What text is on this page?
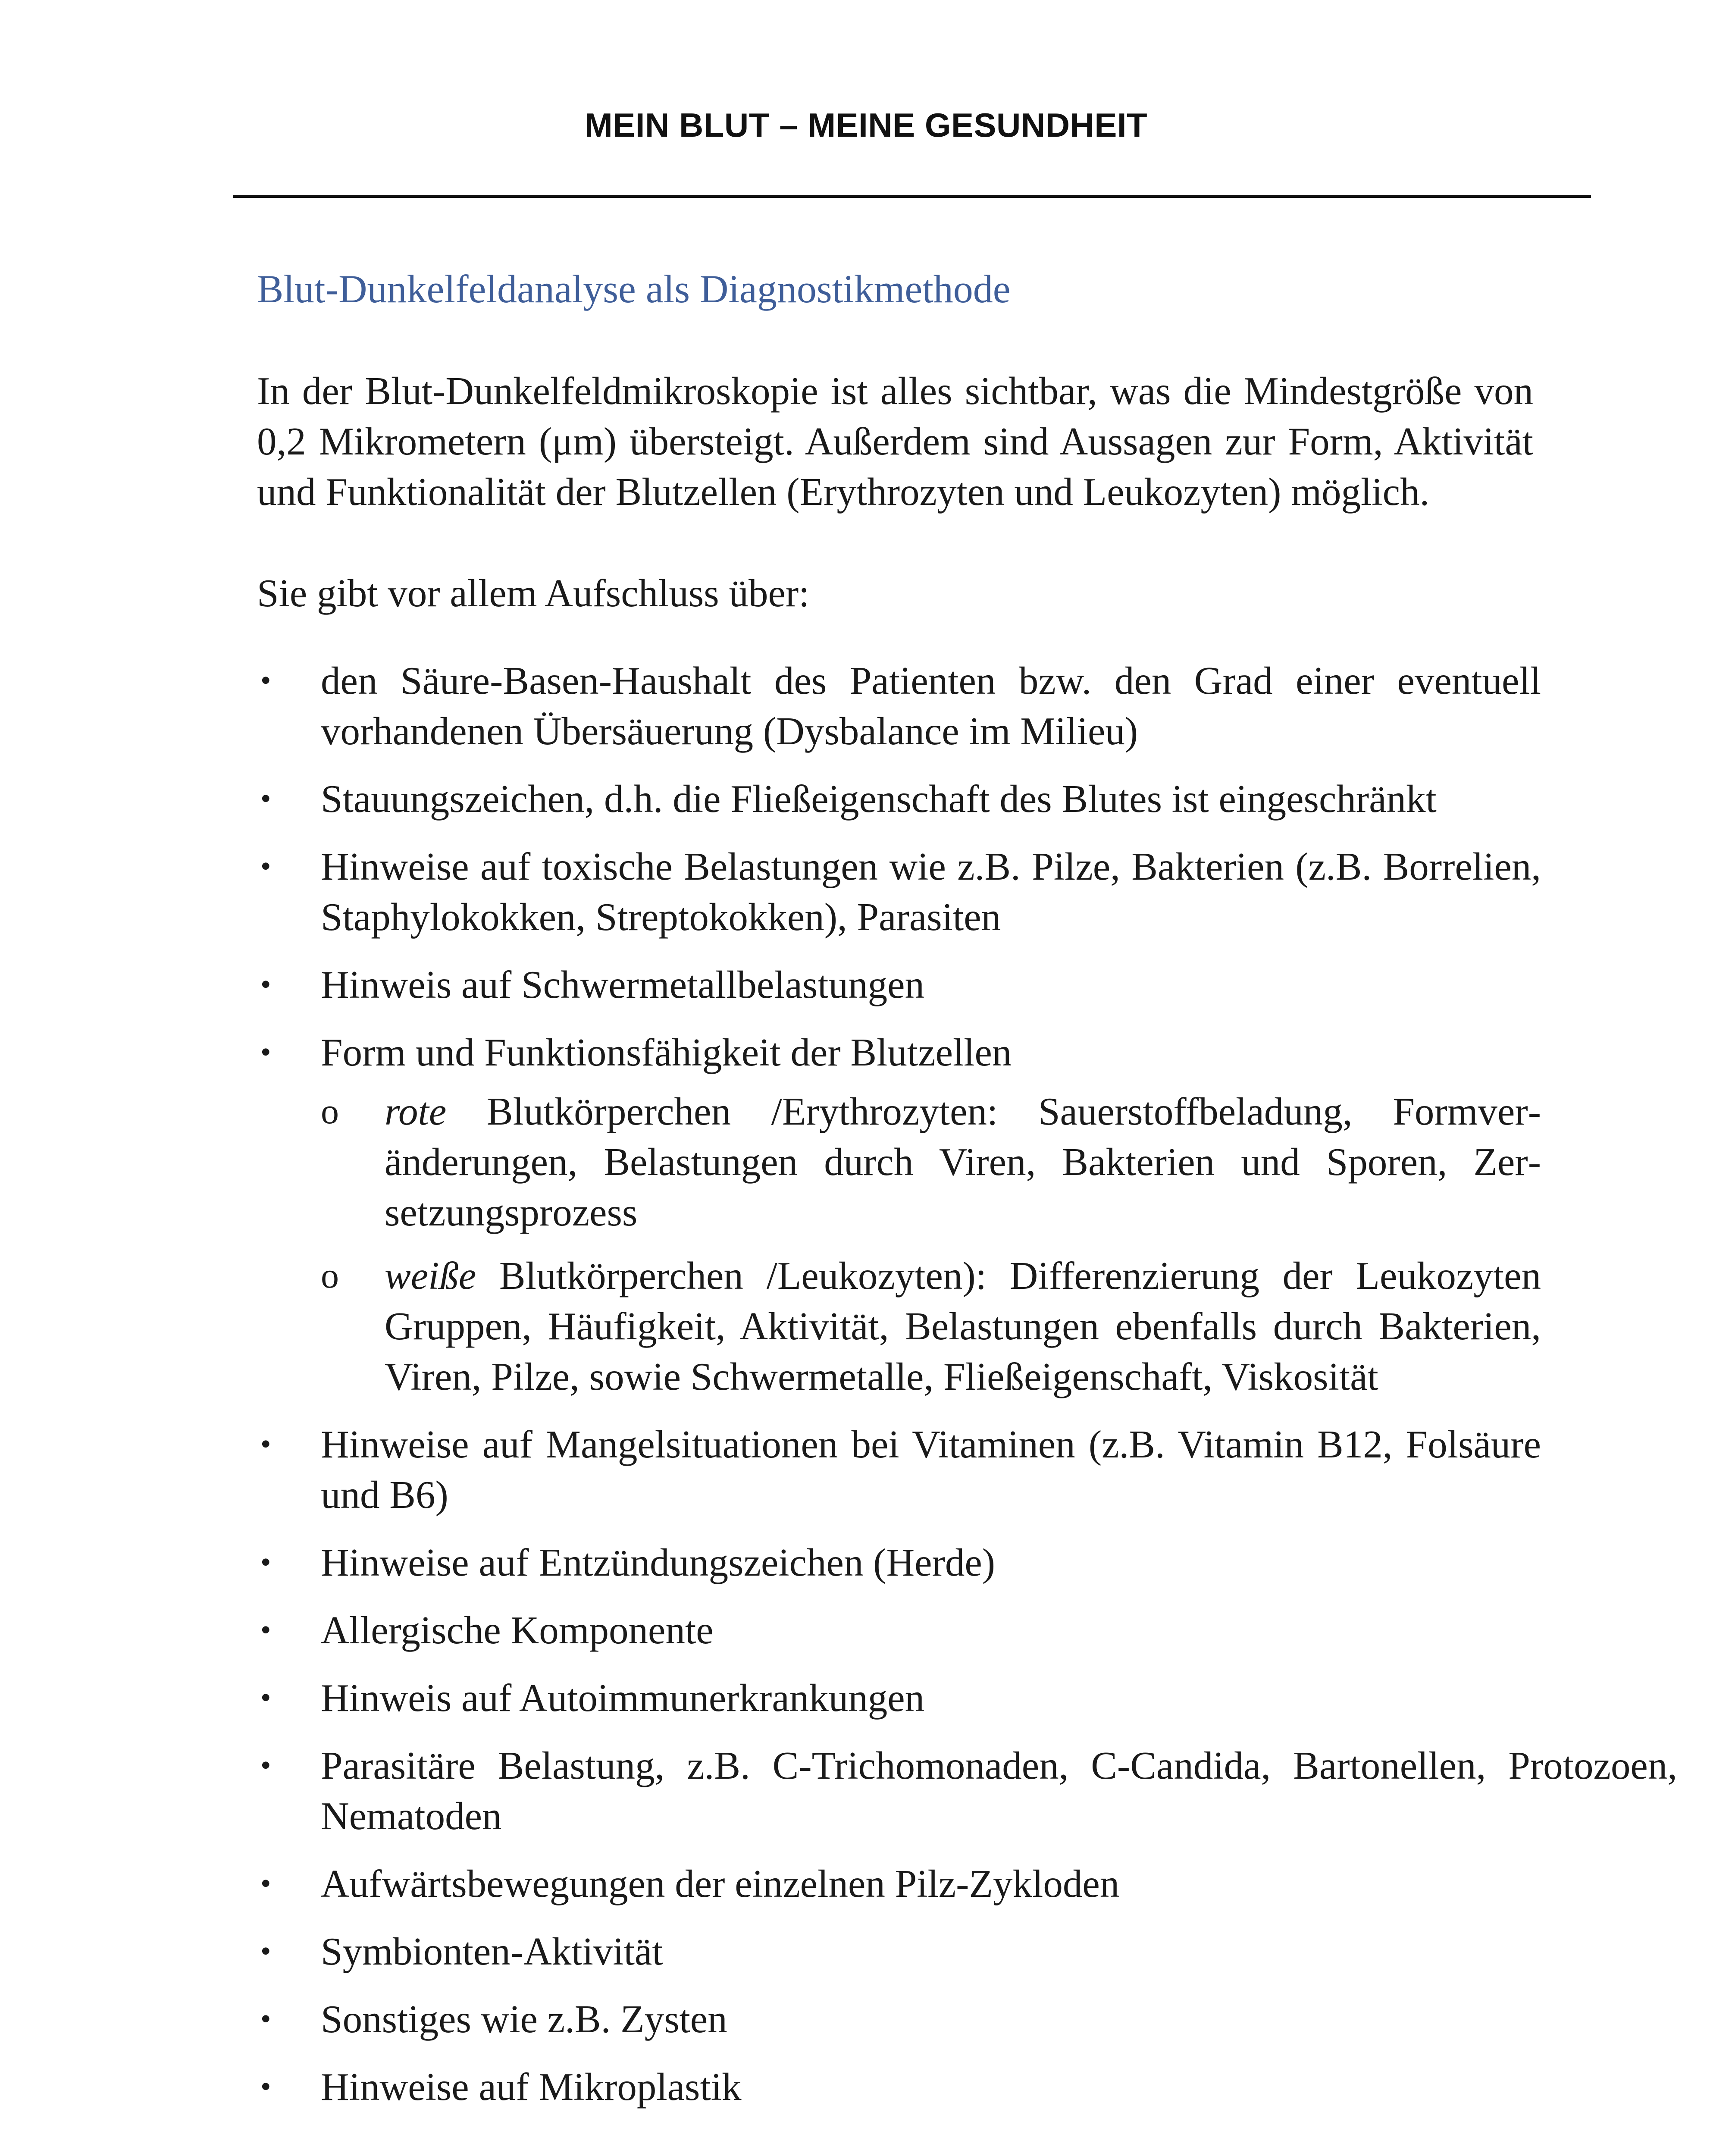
MEIN BLUT – MEINE GESUNDHEIT
Blut-Dunkelfeldanalyse als Diagnostikmethode

In der Blut-Dunkelfeldmikroskopie ist alles sichtbar, was die Mindestgröße von 0,2 Mikrometern (μm) übersteigt. Außerdem sind Aussagen zur Form, Aktivität und Funktionalität der Blutzellen (Erythrozyten und Leukozyten) möglich.

Sie gibt vor allem Aufschluss über:

• den Säure-Basen-Haushalt des Patienten bzw. den Grad einer eventuell vorhandenen Übersäuerung (Dysbalance im Milieu)
• Stauungszeichen, d.h. die Fließeigenschaft des Blutes ist eingeschränkt
• Hinweise auf toxische Belastungen wie z.B. Pilze, Bakterien (z.B. Borrelien, Staphylokokken, Streptokokken), Parasiten
• Hinweis auf Schwermetallbelastungen
• Form und Funktionsfähigkeit der Blutzellen
o rote Blutkörperchen /Erythrozyten: Sauerstoffbeladung, Formveränderungen, Belastungen durch Viren, Bakterien und Sporen, Zersetzungsprozess
o weiße Blutkörperchen /Leukozyten): Differenzierung der Leukozyten Gruppen, Häufigkeit, Aktivität, Belastungen ebenfalls durch Bakterien, Viren, Pilze, sowie Schwermetalle, Fließeigenschaft, Viskosität
• Hinweise auf Mangelsituationen bei Vitaminen (z.B. Vitamin B12, Folsäure und B6)
• Hinweise auf Entzündungszeichen (Herde)
• Allergische Komponente
• Hinweis auf Autoimmunerkrankungen
• Parasitäre Belastung, z.B. C-Trichomonaden, C-Candida, Bartonellen, Protozoen, Nematoden
• Aufwärtsbewegungen der einzelnen Pilz-Zykloden
• Symbionten-Aktivität
• Sonstiges wie z.B. Zysten
• Hinweise auf Mikroplastik
